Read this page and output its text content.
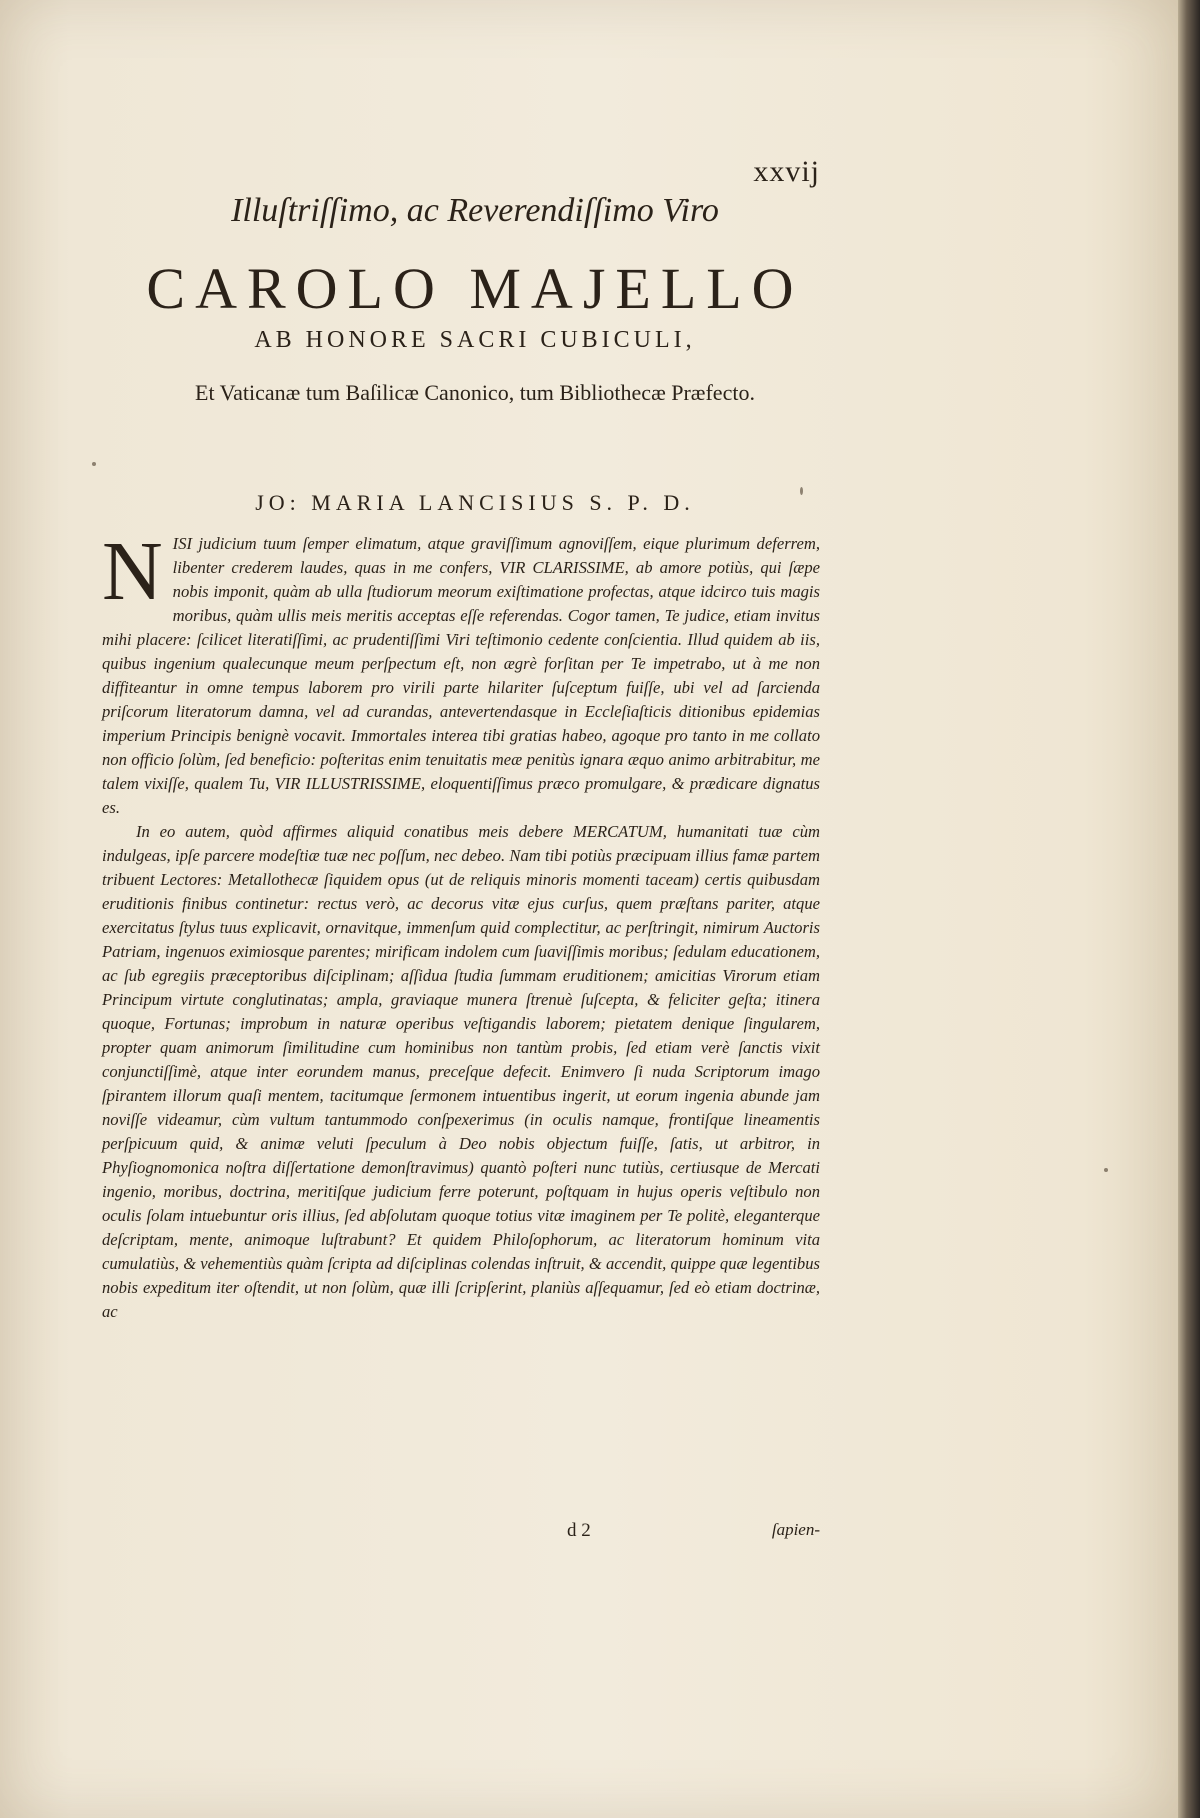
xxvij
Illuſtriſſimo, ac Reverendiſſimo Viro
CAROLO MAJELLO
AB HONORE SACRI CUBICULI,
Et Vaticanæ tum Baſilicæ Canonico, tum Bibliothecæ Præfecto.
JO: MARIA LANCISIUS S. P. D.

NISI judicium tuum ſemper elimatum, atque graviſſimum agnoviſſem, eique plurimum deferrem, libenter crederem laudes, quas in me confers, VIR CLARISSIME, ab amore potiùs, qui ſæpe nobis imponit, quàm ab ulla ſtudiorum meorum exiſtimatione profectas, atque idcirco tuis magis moribus, quàm ullis meis meritis acceptas eſſe referendas. Cogor tamen, Te judice, etiam invitus mihi placere: ſcilicet literatiſſimi, ac prudentiſſimi Viri teſtimonio cedente conſcientia. Illud quidem ab iis, quibus ingenium qualecunque meum perſpectum eſt, non ægrè forſitan per Te impetrabo, ut à me non diffiteantur in omne tempus laborem pro virili parte hilariter ſuſceptum fuiſſe, ubi vel ad ſarcienda priſcorum literatorum damna, vel ad curandas, antevertendasque in Eccleſiaſticis ditionibus epidemias imperium Principis benignè vocavit. Immortales interea tibi gratias habeo, agoque pro tanto in me collato non officio ſolùm, ſed beneficio: poſteritas enim tenuitatis meæ penitùs ignara æquo animo arbitrabitur, me talem vixiſſe, qualem Tu, VIR ILLUSTRISSIME, eloquentiſſimus præco promulgare, & prædicare dignatus es.

In eo autem, quòd affirmes aliquid conatibus meis debere MERCATUM, humanitati tuæ cùm indulgeas, ipſe parcere modeſtiæ tuæ nec poſſum, nec debeo. Nam tibi potiùs præcipuam illius famæ partem tribuent Lectores: Metallothecæ ſiquidem opus (ut de reliquis minoris momenti taceam) certis quibusdam eruditionis finibus continetur: rectus verò, ac decorus vitæ ejus curſus, quem præſtans pariter, atque exercitatus ſtylus tuus explicavit, ornavitque, immenſum quid complectitur, ac perſtringit, nimirum Auctoris Patriam, ingenuos eximiosque parentes; mirificam indolem cum ſuaviſſimis moribus; ſedulam educationem, ac ſub egregiis præceptoribus diſciplinam; aſſidua ſtudia ſummam eruditionem; amicitias Virorum etiam Principum virtute conglutinatas; ampla, graviaque munera ſtrenuè ſuſcepta, & feliciter geſta; itinera quoque, Fortunas; improbum in naturæ operibus veſtigandis laborem; pietatem denique ſingularem, propter quam animorum ſimilitudine cum hominibus non tantùm probis, ſed etiam verè ſanctis vixit conjunctiſſimè, atque inter eorundem manus, preceſque defecit. Enimvero ſi nuda Scriptorum imago ſpirantem illorum quaſi mentem, tacitumque ſermonem intuentibus ingerit, ut eorum ingenia abunde jam noviſſe videamur, cùm vultum tantummodo conſpexerimus (in oculis namque, frontiſque lineamentis perſpicuum quid, & animæ veluti ſpeculum à Deo nobis objectum fuiſſe, ſatis, ut arbitror, in Phyſiognomonica noſtra diſſertatione demonſtravimus) quantò poſteri nunc tutiùs, certiusque de Mercati ingenio, moribus, doctrina, meritiſque judicium ferre poterunt, poſtquam in hujus operis veſtibulo non oculis ſolam intuebuntur oris illius, ſed abſolutam quoque totius vitæ imaginem per Te politè, eleganterque deſcriptam, mente, animoque luſtrabunt? Et quidem Philoſophorum, ac literatorum hominum vita cumulatiùs, & vehementiùs quàm ſcripta ad diſciplinas colendas inſtruit, & accendit, quippe quæ legentibus nobis expeditum iter oſtendit, ut non ſolùm, quæ illi ſcripſerint, planiùs aſſequamur, ſed eò etiam doctrinæ, ac

d 2	ſapien-
